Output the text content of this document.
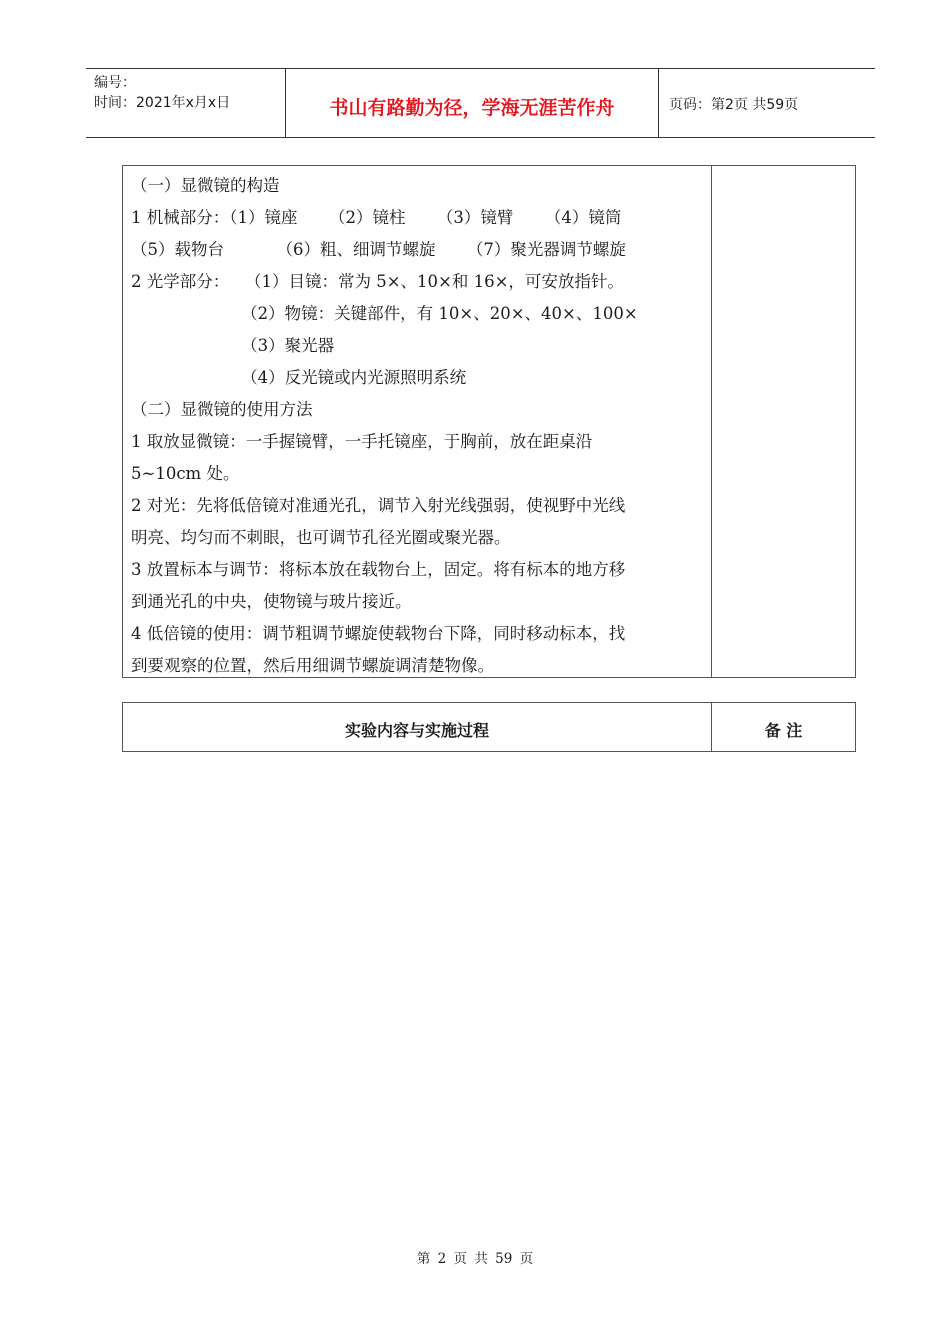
编号：
时间：2021年x月x日	书山有路勤为径，学海无涯苦作舟	页码：第2页 共59页
（一）显微镜的构造
1 机械部分：（1）镜座      （2）镜柱      （3）镜臂      （4）镜筒
（5）载物台          （6）粗、细调节螺旋      （7）聚光器调节螺旋
2 光学部分：   （1）目镜：常为 5×、10×和 16×，可安放指针。
（2）物镜：关键部件，有 10×、20×、40×、100×
（3）聚光器
（4）反光镜或内光源照明系统
（二）显微镜的使用方法
1 取放显微镜：一手握镜臂，一手托镜座，于胸前，放在距桌沿
5~10cm 处。
2 对光：先将低倍镜对准通光孔，调节入射光线强弱，使视野中光线
明亮、均匀而不刺眼，也可调节孔径光圈或聚光器。
3 放置标本与调节：将标本放在载物台上，固定。将有标本的地方移
到通光孔的中央，使物镜与玻片接近。
4 低倍镜的使用：调节粗调节螺旋使载物台下降，同时移动标本，找
到要观察的位置，然后用细调节螺旋调清楚物像。
实验内容与实施过程	备 注
第 2 页 共 59 页
